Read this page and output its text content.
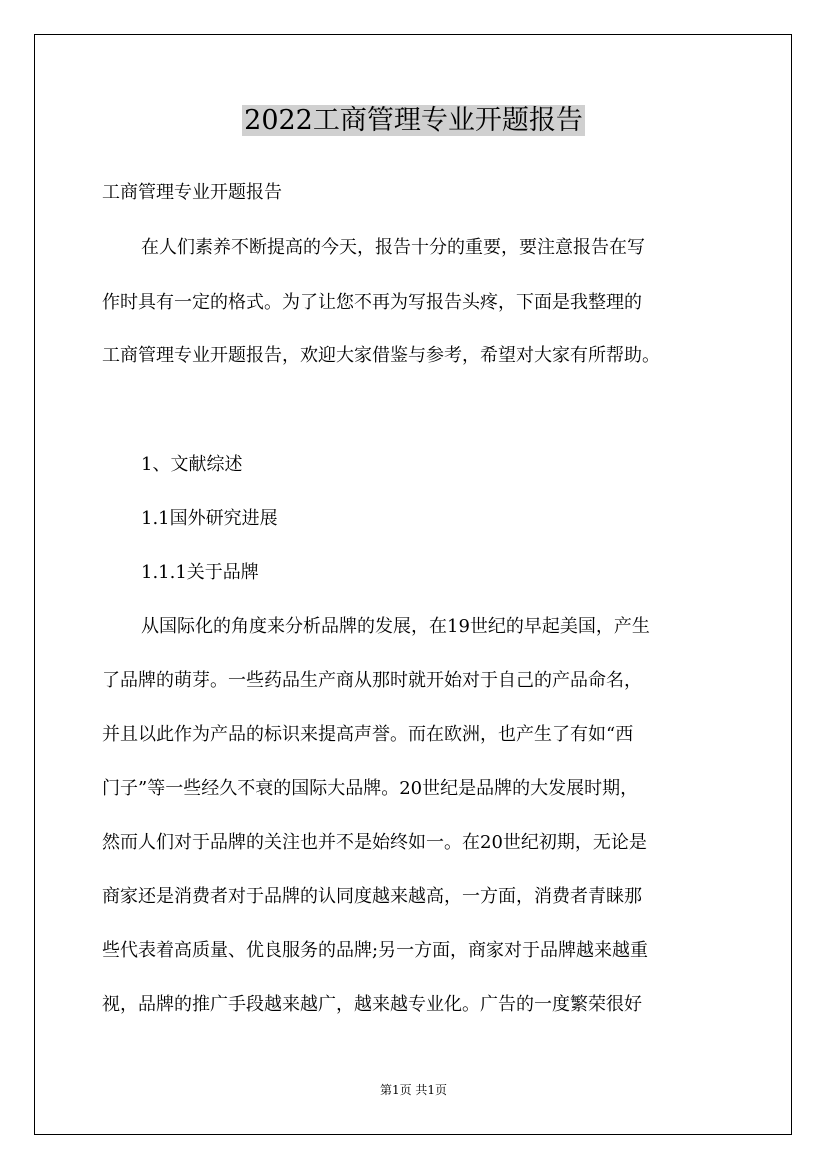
2022工商管理专业开题报告
工商管理专业开题报告
在人们素养不断提高的今天，报告十分的重要，要注意报告在写
作时具有一定的格式。为了让您不再为写报告头疼，下面是我整理的
工商管理专业开题报告，欢迎大家借鉴与参考，希望对大家有所帮助。
1、文献综述
1.1国外研究进展
1.1.1关于品牌
从国际化的角度来分析品牌的发展，在19世纪的早起美国，产生
了品牌的萌芽。一些药品生产商从那时就开始对于自己的产品命名，
并且以此作为产品的标识来提高声誉。而在欧洲，也产生了有如“西
门子”等一些经久不衰的国际大品牌。20世纪是品牌的大发展时期，
然而人们对于品牌的关注也并不是始终如一。在20世纪初期，无论是
商家还是消费者对于品牌的认同度越来越高，一方面，消费者青睐那
些代表着高质量、优良服务的品牌;另一方面，商家对于品牌越来越重
视，品牌的推广手段越来越广，越来越专业化。广告的一度繁荣很好
第1页 共1页
